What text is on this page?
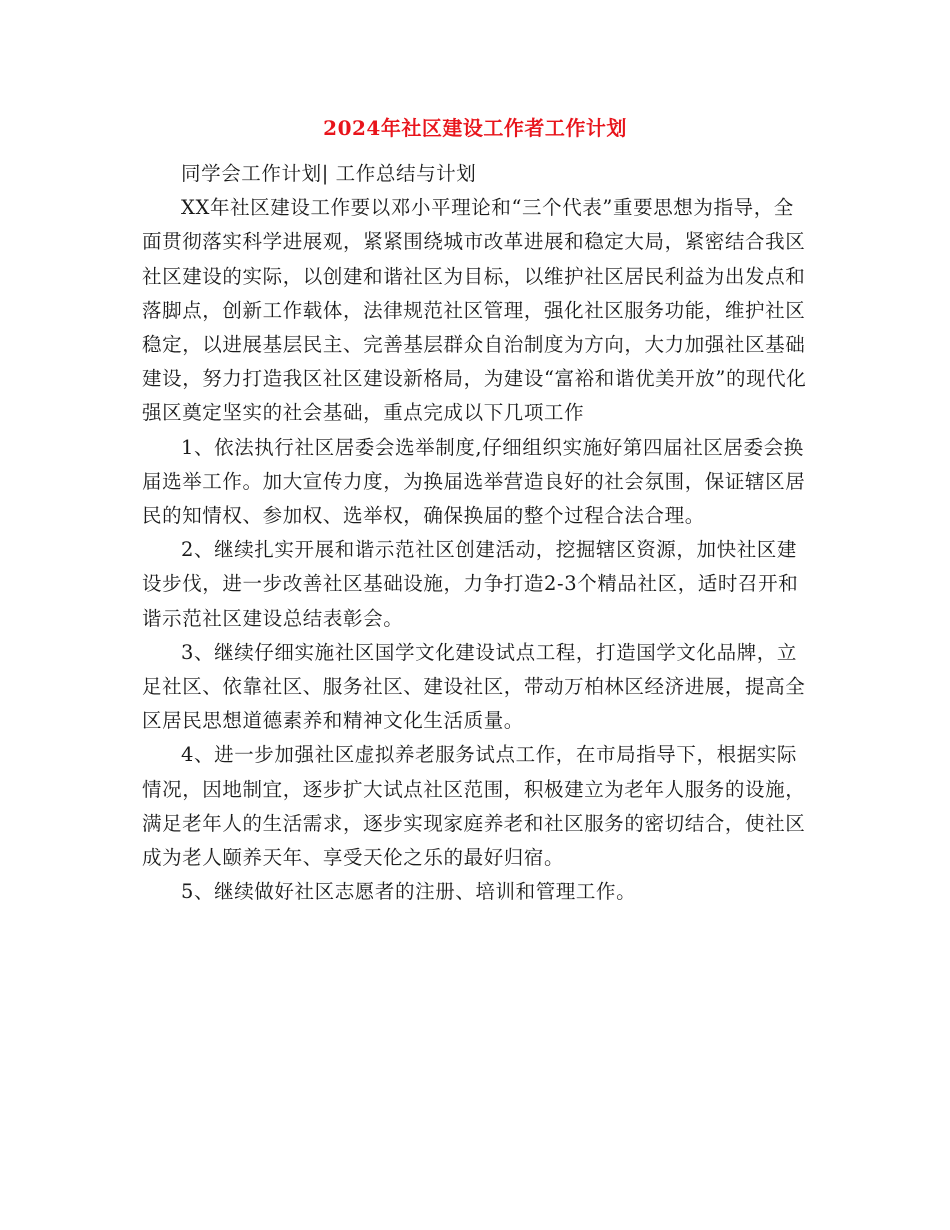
2024年社区建设工作者工作计划

同学会工作计划| 工作总结与计划

XX年社区建设工作要以邓小平理论和“三个代表”重要思想为指导，全面贯彻落实科学进展观，紧紧围绕城市改革进展和稳定大局，紧密结合我区社区建设的实际，以创建和谐社区为目标，以维护社区居民利益为出发点和落脚点，创新工作载体，法律规范社区管理，强化社区服务功能，维护社区稳定，以进展基层民主、完善基层群众自治制度为方向，大力加强社区基础建设，努力打造我区社区建设新格局，为建设“富裕和谐优美开放”的现代化强区奠定坚实的社会基础，重点完成以下几项工作

1、依法执行社区居委会选举制度,仔细组织实施好第四届社区居委会换届选举工作。加大宣传力度，为换届选举营造良好的社会氛围，保证辖区居民的知情权、参加权、选举权，确保换届的整个过程合法合理。

2、继续扎实开展和谐示范社区创建活动，挖掘辖区资源，加快社区建设步伐，进一步改善社区基础设施，力争打造2-3个精品社区，适时召开和谐示范社区建设总结表彰会。

3、继续仔细实施社区国学文化建设试点工程，打造国学文化品牌，立足社区、依靠社区、服务社区、建设社区，带动万柏林区经济进展，提高全区居民思想道德素养和精神文化生活质量。

4、进一步加强社区虚拟养老服务试点工作，在市局指导下，根据实际情况，因地制宜，逐步扩大试点社区范围，积极建立为老年人服务的设施，满足老年人的生活需求，逐步实现家庭养老和社区服务的密切结合，使社区成为老人颐养天年、享受天伦之乐的最好归宿。

5、继续做好社区志愿者的注册、培训和管理工作。
